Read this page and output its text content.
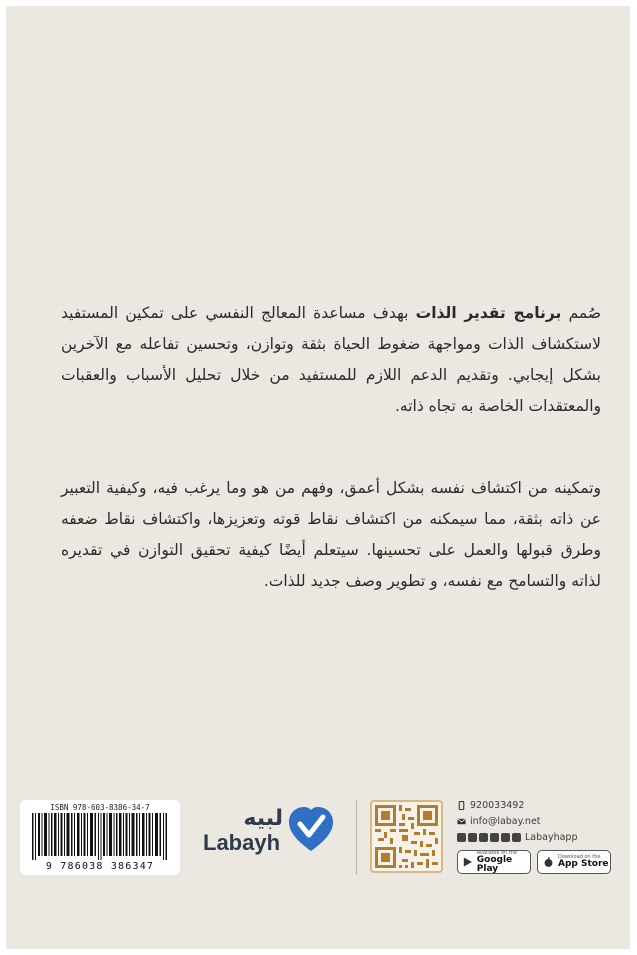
صُمم برنامج تقدير الذات بهدف مساعدة المعالج النفسي على تمكين المستفيد لاستكشاف الذات ومواجهة ضغوط الحياة بثقة وتوازن، وتحسين تفاعله مع الآخرين بشكل إيجابي. وتقديم الدعم اللازم للمستفيد من خلال تحليل الأسباب والعقبات والمعتقدات الخاصة به تجاه ذاته.

وتمكينه من اكتشاف نفسه بشكل أعمق، وفهم من هو وما يرغب فيه، وكيفية التعبير عن ذاته بثقة، مما سيمكنه من اكتشاف نقاط قوته وتعزيزها، واكتشاف نقاط ضعفه وطرق قبولها والعمل على تحسينها. سيتعلم أيضًا كيفية تحقيق التوازن في تقديره لذاته والتسامح مع نفسه، و تطوير وصف جديد للذات.

ISBN 978-603-8386-34-7
9 786038 386347
لبيه
Labayh
920033492
info@labay.net
Labayhapp
Available on the
Google Play
Download on the
App Store
